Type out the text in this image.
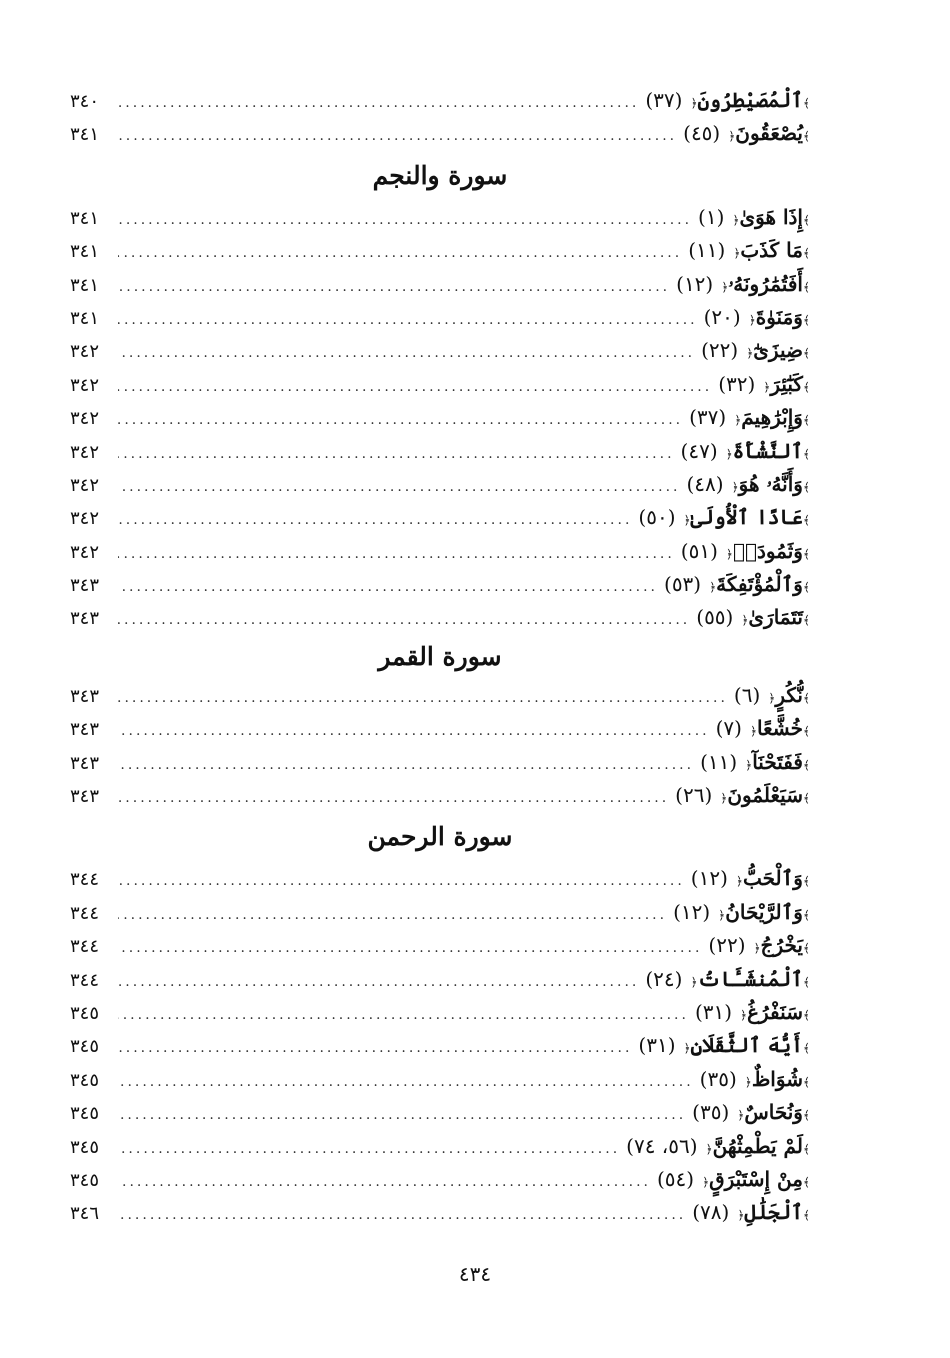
﴾
ٱلْمُصَيْطِرُونَ
﴿
(٣٧)
.....
٣٤٠
﴾
يُصْعَقُونَ
﴿
(٤٥)
.....
٣٤١
سورة والنجم
﴾
إِذَا هَوَىٰ
﴿
(١)
.....
٣٤١
﴾
مَا كَذَبَ
﴿
(١١)
.....
٣٤١
﴾
أَفَتُمَٰرُونَهُۥ
﴿
(١٢)
.....
٣٤١
﴾
وَمَنَوٰةَ
﴿
(٢٠)
.....
٣٤١
﴾
ضِيزَىٰٓ
﴿
(٢٢)
.....
٣٤٢
﴾
كَبَٰٓئِرَ
﴿
(٣٢)
.....
٣٤٢
﴾
وَإِبْرَٰهِيمَ
﴿
(٣٧)
.....
٣٤٢
﴾
ٱلنَّشْأَةَ
﴿
(٤٧)
.....
٣٤٢
﴾
وَأَنَّهُۥ هُوَ
﴿
(٤٨)
.....
٣٤٢
﴾
عَادًا ٱلْأُولَىٰ
﴿
(٥٠)
.....
٣٤٢
﴾
وَثَمُودَا۟
﴿
(٥١)
.....
٣٤٢
﴾
وَٱلْمُؤْتَفِكَةَ
﴿
(٥٣)
.....
٣٤٣
﴾
تَتَمَارَىٰ
﴿
(٥٥)
.....
٣٤٣
سورة القمر
﴾
نُّكُرٍ
﴿
(٦)
.....
٣٤٣
﴾
خُشَّعًا
﴿
(٧)
.....
٣٤٣
﴾
فَفَتَحْنَآ
﴿
(١١)
.....
٣٤٣
﴾
سَيَعْلَمُونَ
﴿
(٢٦)
.....
٣٤٣
سورة الرحمن
﴾
وَٱلْحَبُّ
﴿
(١٢)
.....
٣٤٤
﴾
وَٱلرَّيْحَانُ
﴿
(١٢)
.....
٣٤٤
﴾
يَخْرُجُ
﴿
(٢٢)
.....
٣٤٤
﴾
ٱلْمُنشَـَٔاتُ
﴿
(٢٤)
.....
٣٤٤
﴾
سَنَفْرُغُ
﴿
(٣١)
.....
٣٤٥
﴾
أَيُّهَ ٱلثَّقَلَانِ
﴿
(٣١)
.....
٣٤٥
﴾
شُوَاظٌ
﴿
(٣٥)
.....
٣٤٥
﴾
وَنُحَاسٌ
﴿
(٣٥)
.....
٣٤٥
﴾
لَمْ يَطْمِثْهُنَّ
﴿
(٥٦، ٧٤)
.....
٣٤٥
﴾
مِنْ إِسْتَبْرَقٍ
﴿
(٥٤)
.....
٣٤٥
﴾
ٱلْجَلَٰلِ
﴿
(٧٨)
.....
٣٤٦
٤٣٤
